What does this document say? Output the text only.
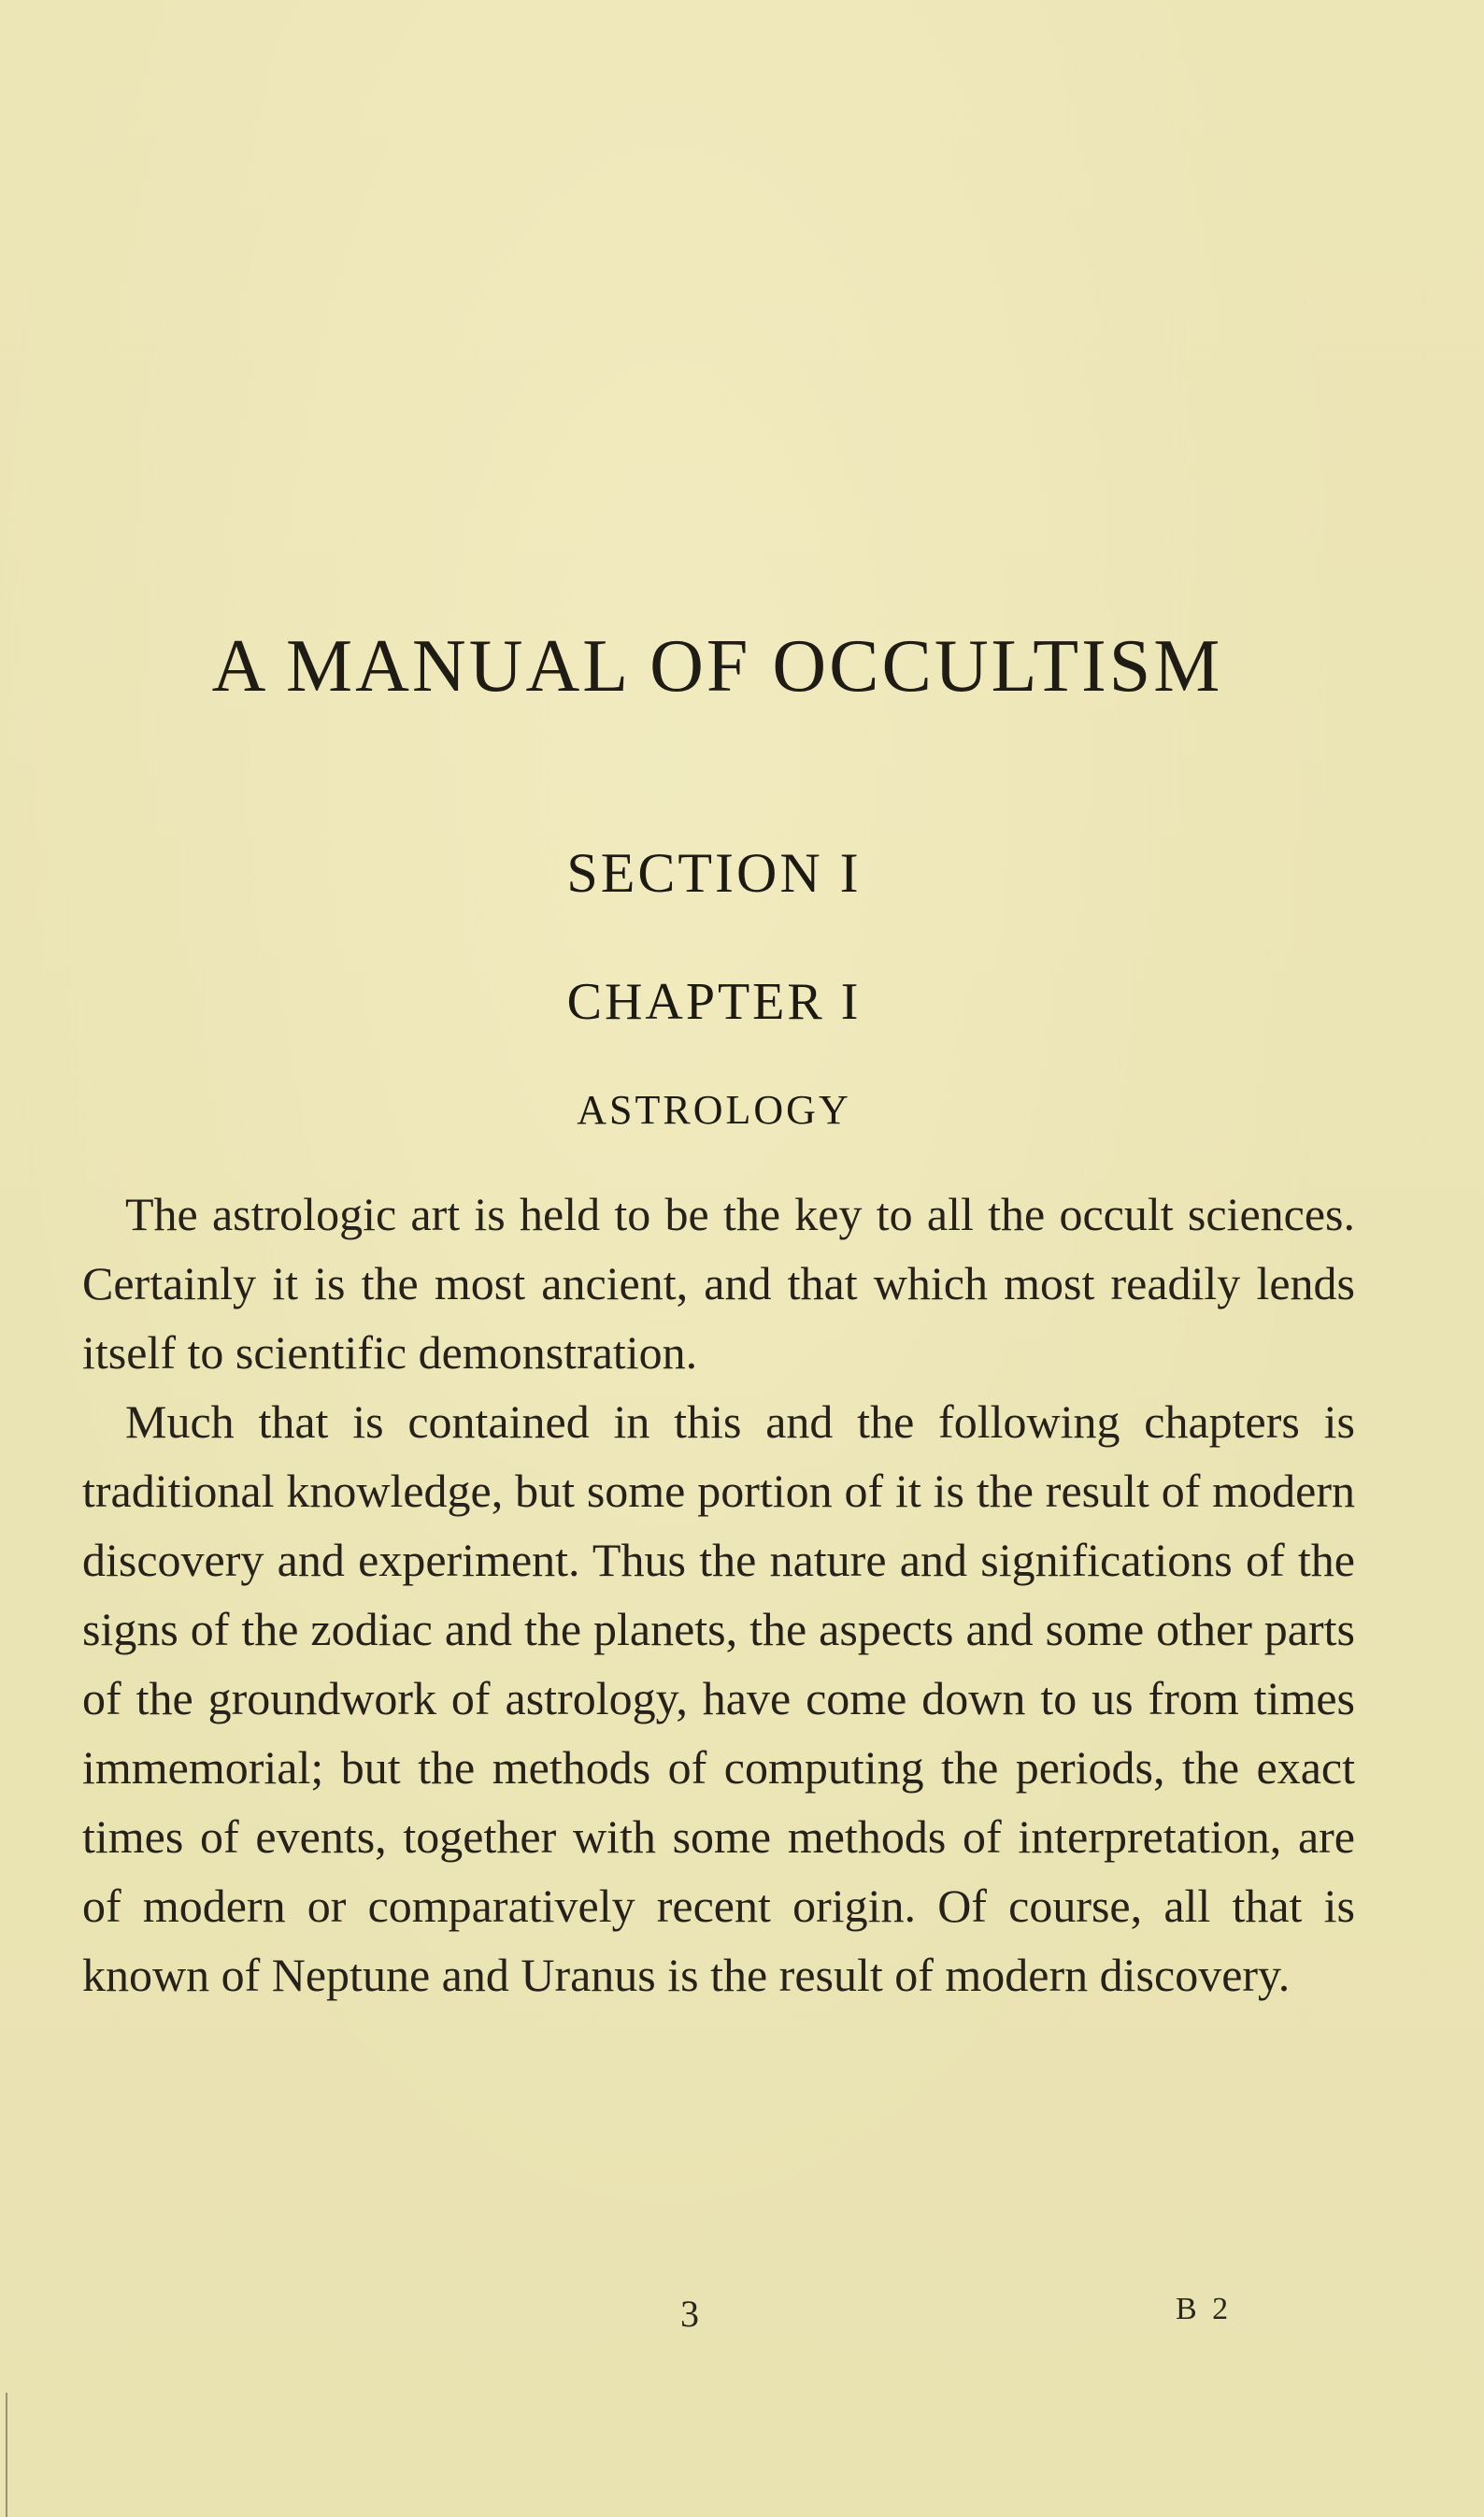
A MANUAL OF OCCULTISM
SECTION I
CHAPTER I
ASTROLOGY

The astrologic art is held to be the key to all the occult sciences. Certainly it is the most ancient, and that which most readily lends itself to scientific demonstration.

Much that is contained in this and the following chapters is traditional knowledge, but some portion of it is the result of modern discovery and experiment. Thus the nature and significations of the signs of the zodiac and the planets, the aspects and some other parts of the groundwork of astrology, have come down to us from times immemorial; but the methods of computing the periods, the exact times of events, together with some methods of interpretation, are of modern or comparatively recent origin. Of course, all that is known of Neptune and Uranus is the result of modern discovery.

3	B 2
